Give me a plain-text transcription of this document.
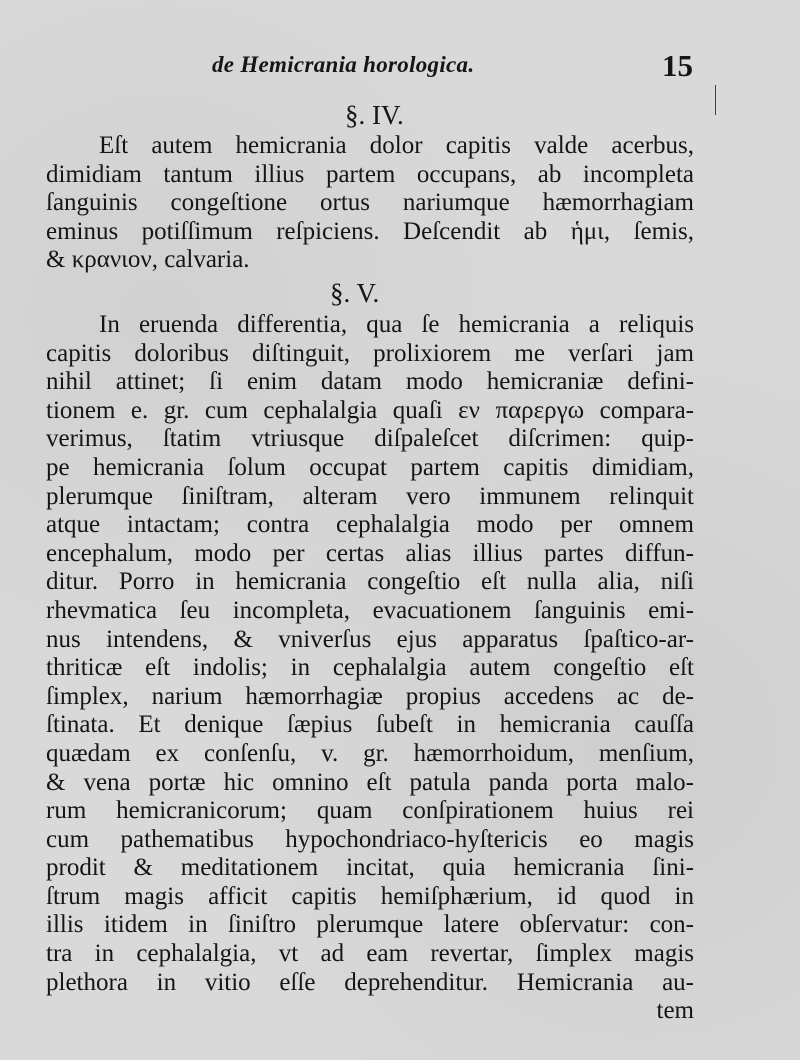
de Hemicrania horologica.	15
§. IV.
Eſt autem hemicrania dolor capitis valde acerbus,
dimidiam tantum illius partem occupans, ab incompleta
ſanguinis congeſtione ortus nariumque hæmorrhagiam
eminus potiſſimum reſpiciens. Deſcendit ab ἡμι, ſemis,
& κρανιον, calvaria.
§. V.
In eruenda differentia, qua ſe hemicrania a reliquis
capitis doloribus diſtinguit, prolixiorem me verſari jam
nihil attinet; ſi enim datam modo hemicraniæ defini-
tionem e. gr. cum cephalalgia quaſi εν παρεργω compara-
verimus, ſtatim vtriusque diſpaleſcet diſcrimen: quip-
pe hemicrania ſolum occupat partem capitis dimidiam,
plerumque ſiniſtram, alteram vero immunem relinquit
atque intactam; contra cephalalgia modo per omnem
encephalum, modo per certas alias illius partes diffun-
ditur. Porro in hemicrania congeſtio eſt nulla alia, niſi
rhevmatica ſeu incompleta, evacuationem ſanguinis emi-
nus intendens, & vniverſus ejus apparatus ſpaſtico-ar-
thriticæ eſt indolis; in cephalalgia autem congeſtio eſt
ſimplex, narium hæmorrhagiæ propius accedens ac de-
ſtinata. Et denique ſæpius ſubeſt in hemicrania cauſſa
quædam ex conſenſu, v. gr. hæmorrhoidum, menſium,
& vena portæ hic omnino eſt patula panda porta malo-
rum hemicranicorum; quam conſpirationem huius rei
cum pathematibus hypochondriaco-hyſtericis eo magis
prodit & meditationem incitat, quia hemicrania ſini-
ſtrum magis afficit capitis hemiſphærium, id quod in
illis itidem in ſiniſtro plerumque latere obſervatur: con-
tra in cephalalgia, vt ad eam revertar, ſimplex magis
plethora in vitio eſſe deprehenditur. Hemicrania au-
tem
